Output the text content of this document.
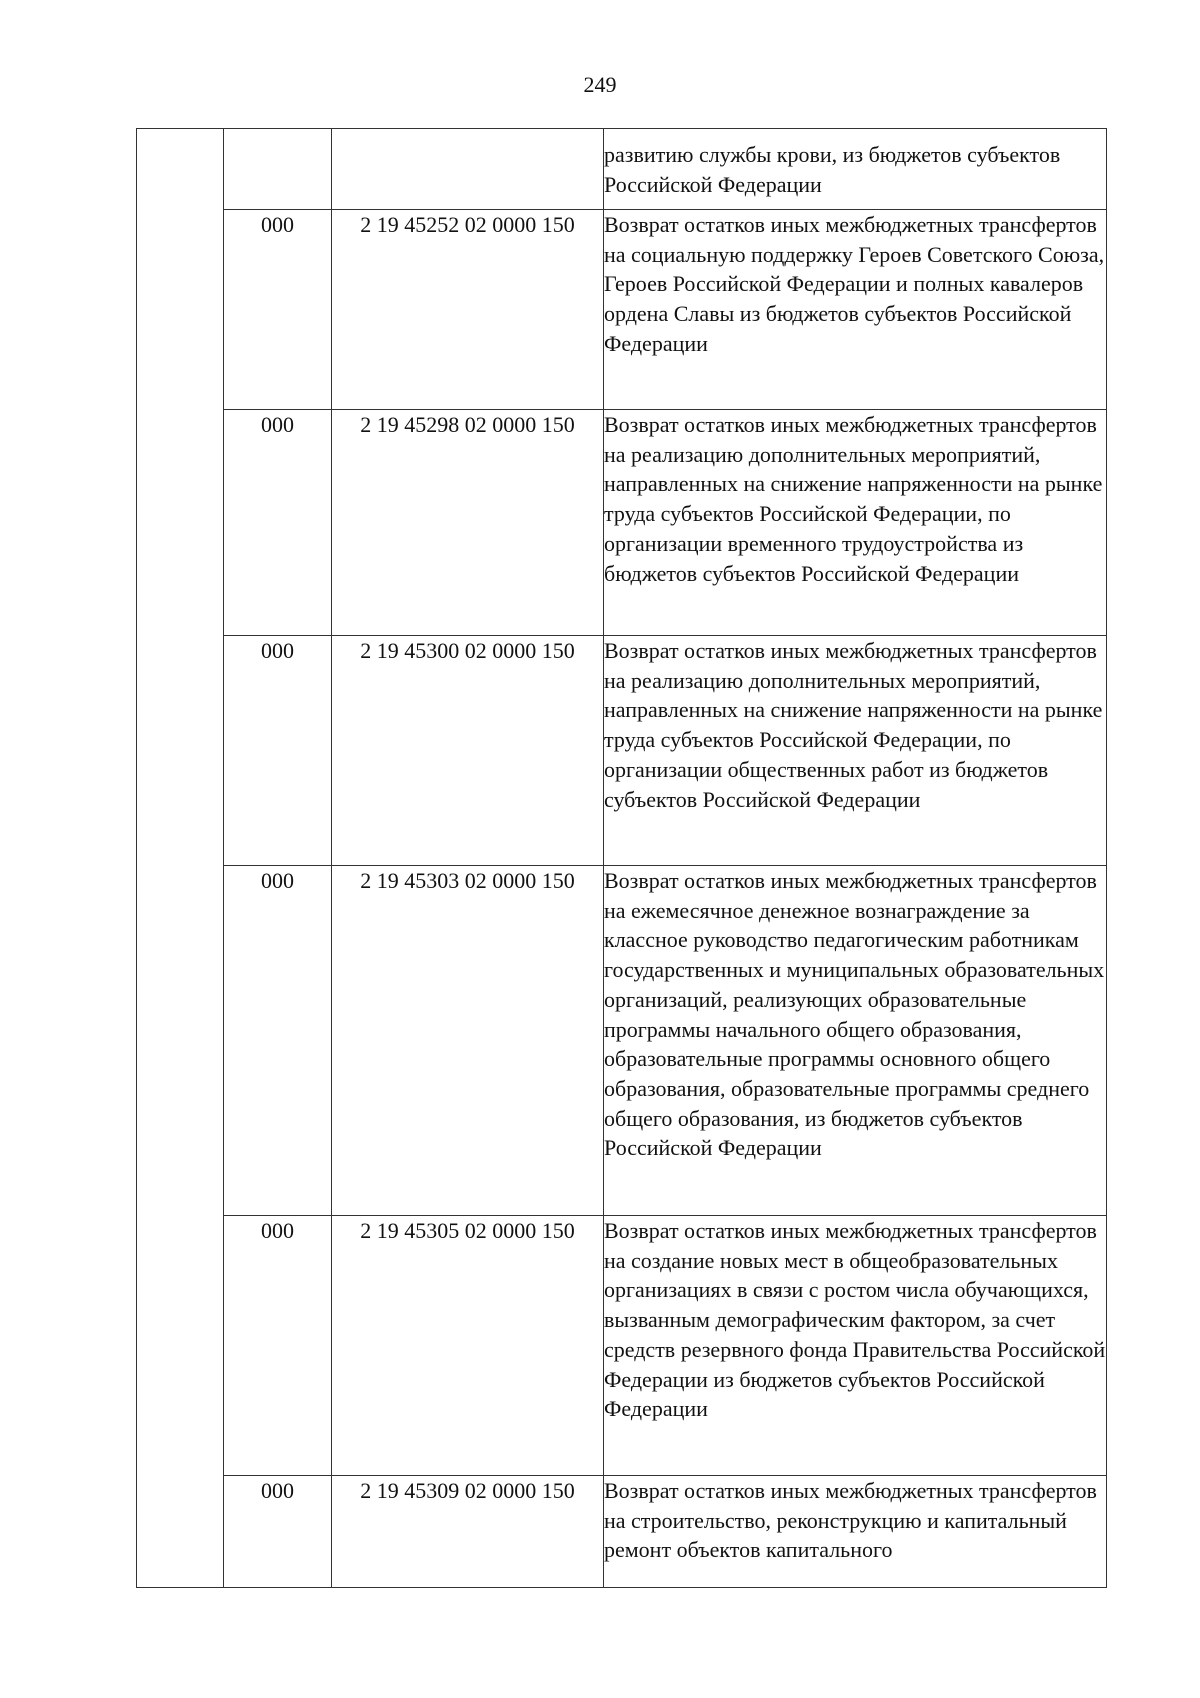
249
			развитию службы крови, из бюджетов субъектов Российской Федерации
	000	2 19 45252 02 0000 150	Возврат остатков иных межбюджетных трансфертов на социальную поддержку Героев Советского Союза, Героев Российской Федерации и полных кавалеров ордена Славы из бюджетов субъектов Российской Федерации
	000	2 19 45298 02 0000 150	Возврат остатков иных межбюджетных трансфертов на реализацию дополнительных мероприятий, направленных на снижение напряженности на рынке труда субъектов Российской Федерации, по организации временного трудоустройства из бюджетов субъектов Российской Федерации
	000	2 19 45300 02 0000 150	Возврат остатков иных межбюджетных трансфертов на реализацию дополнительных мероприятий, направленных на снижение напряженности на рынке труда субъектов Российской Федерации, по организации общественных работ из бюджетов субъектов Российской Федерации
	000	2 19 45303 02 0000 150	Возврат остатков иных межбюджетных трансфертов на ежемесячное денежное вознаграждение за классное руководство педагогическим работникам государственных и муниципальных образовательных организаций, реализующих образовательные программы начального общего образования, образовательные программы основного общего образования, образовательные программы среднего общего образования, из бюджетов субъектов Российской Федерации
	000	2 19 45305 02 0000 150	Возврат остатков иных межбюджетных трансфертов на создание новых мест в общеобразовательных организациях в связи с ростом числа обучающихся, вызванным демографическим фактором, за счет средств резервного фонда Правительства Российской Федерации из бюджетов субъектов Российской Федерации
	000	2 19 45309 02 0000 150	Возврат остатков иных межбюджетных трансфертов на строительство, реконструкцию и капитальный ремонт объектов капитального
